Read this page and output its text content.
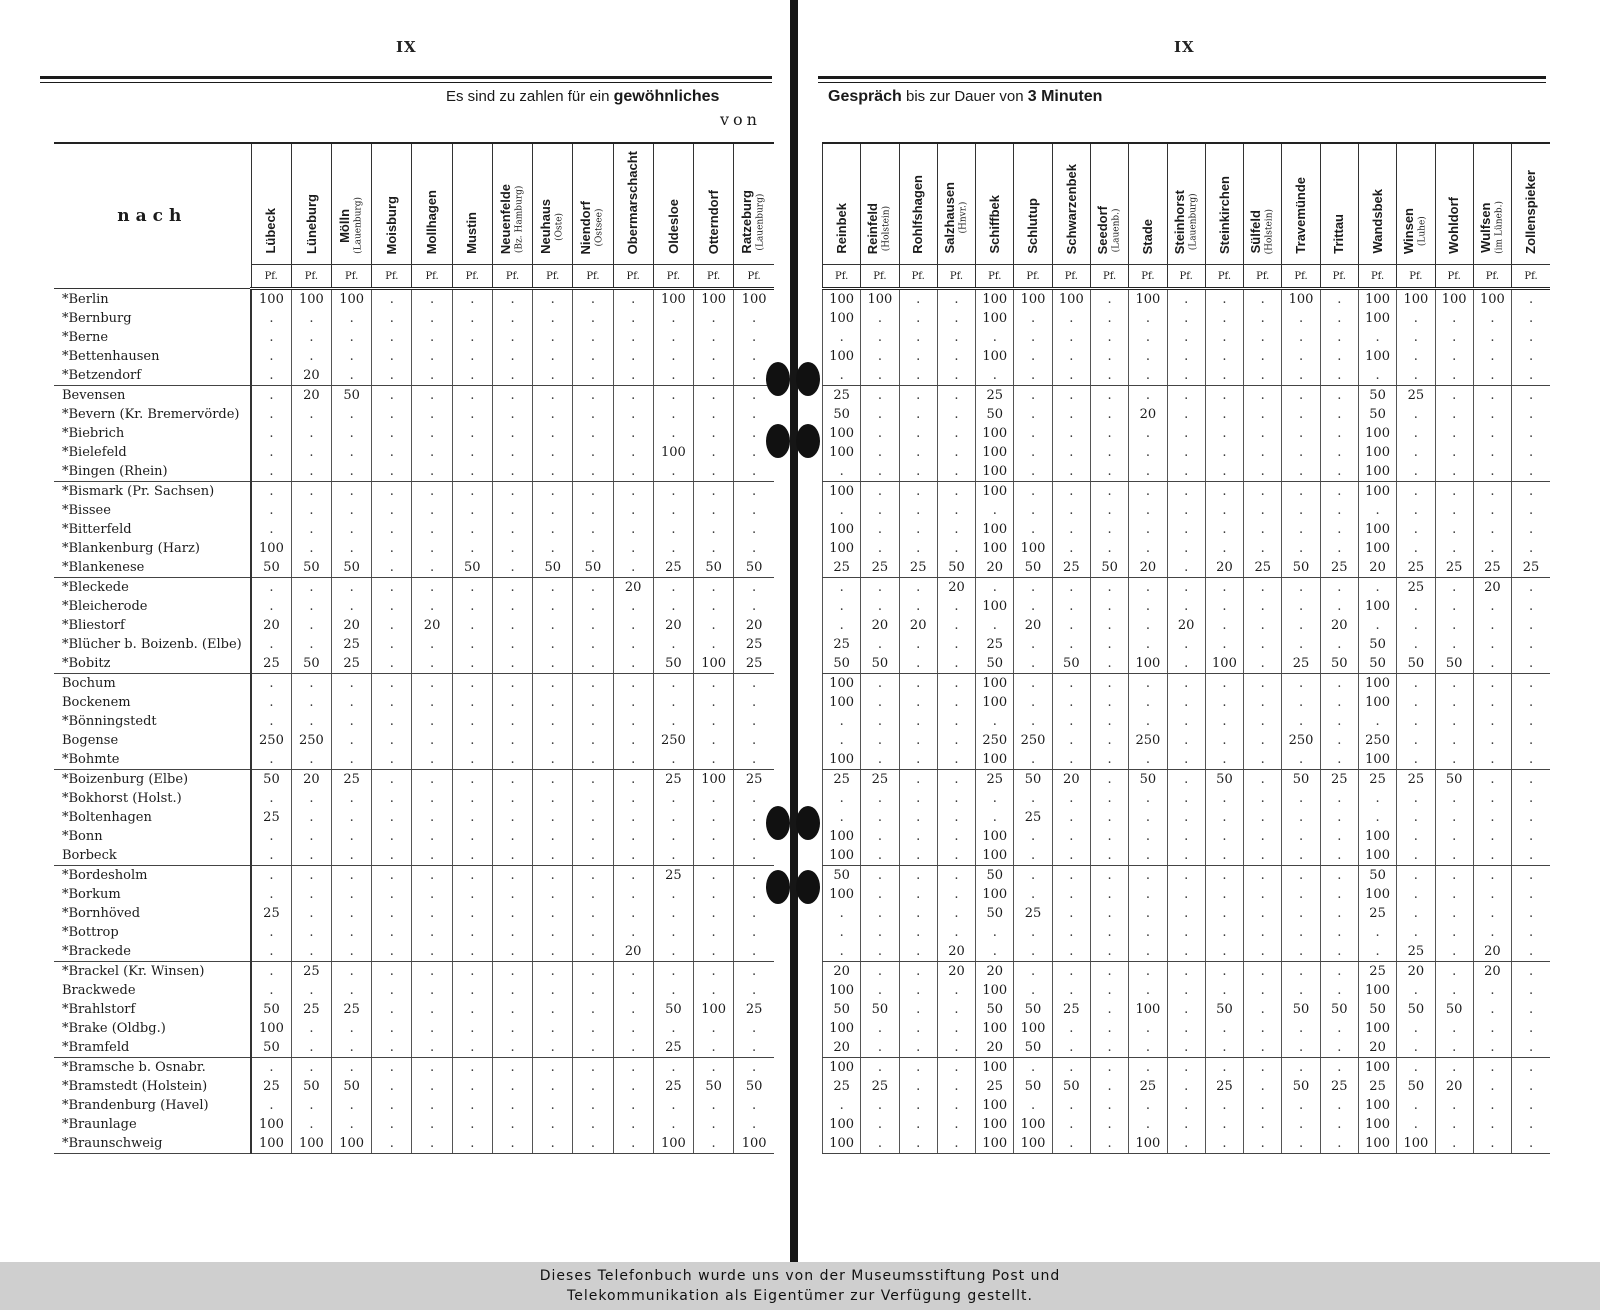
IX	IX
Es sind zu zahlen für ein gewöhnliches
von
Gespräch bis zur Dauer von 3 Minuten
nach	Lübeck	Lüneburg	Mölln (Lauenburg)	Moisburg	Mollhagen	Mustin	Neuenfelde (Bz. Hamburg)	Neuhaus (Oste)	Niendorf (Ostsee)	Obermarschacht	Oldesloe	Otterndorf	Ratzeburg (Lauenburg)
	Pf.	Pf.	Pf.	Pf.	Pf.	Pf.	Pf.	Pf.	Pf.	Pf.	Pf.	Pf.	Pf.
*Berlin	100	100	100	.	.	.	.	.	.	.	100	100	100
*Bernburg	.	.	.	.	.	.	.	.	.	.	.	.	.
*Berne	.	.	.	.	.	.	.	.	.	.	.	.	.
*Bettenhausen	.	.	.	.	.	.	.	.	.	.	.	.	.
*Betzendorf	.	20	.	.	.	.	.	.	.	.	.	.	.
Bevensen	.	20	50	.	.	.	.	.	.	.	.	.	.
*Bevern (Kr. Bremervörde)	.	.	.	.	.	.	.	.	.	.	.	.	.
*Biebrich	.	.	.	.	.	.	.	.	.	.	.	.	.
*Bielefeld	.	.	.	.	.	.	.	.	.	.	100	.	.
*Bingen (Rhein)	.	.	.	.	.	.	.	.	.	.	.	.	.
*Bismark (Pr. Sachsen)	.	.	.	.	.	.	.	.	.	.	.	.	.
*Bissee	.	.	.	.	.	.	.	.	.	.	.	.	.
*Bitterfeld	.	.	.	.	.	.	.	.	.	.	.	.	.
*Blankenburg (Harz)	100	.	.	.	.	.	.	.	.	.	.	.	.
*Blankenese	50	50	50	.	.	50	.	50	50	.	25	50	50
*Bleckede	.	.	.	.	.	.	.	.	.	20	.	.	.
*Bleicherode	.	.	.	.	.	.	.	.	.	.	.	.	.
*Bliestorf	20	.	20	.	20	.	.	.	.	.	20	.	20
*Blücher b. Boizenb. (Elbe)	.	.	25	.	.	.	.	.	.	.	.	.	25
*Bobitz	25	50	25	.	.	.	.	.	.	.	50	100	25
Bochum	.	.	.	.	.	.	.	.	.	.	.	.	.
Bockenem	.	.	.	.	.	.	.	.	.	.	.	.	.
*Bönningstedt	.	.	.	.	.	.	.	.	.	.	.	.	.
Bogense	250	250	.	.	.	.	.	.	.	.	250	.	.
*Bohmte	.	.	.	.	.	.	.	.	.	.	.	.	.
*Boizenburg (Elbe)	50	20	25	.	.	.	.	.	.	.	25	100	25
*Bokhorst (Holst.)	.	.	.	.	.	.	.	.	.	.	.	.	.
*Boltenhagen	25	.	.	.	.	.	.	.	.	.	.	.	.
*Bonn	.	.	.	.	.	.	.	.	.	.	.	.	.
Borbeck	.	.	.	.	.	.	.	.	.	.	.	.	.
*Bordesholm	.	.	.	.	.	.	.	.	.	.	25	.	.
*Borkum	.	.	.	.	.	.	.	.	.	.	.	.	.
*Bornhöved	25	.	.	.	.	.	.	.	.	.	.	.	.
*Bottrop	.	.	.	.	.	.	.	.	.	.	.	.	.
*Brackede	.	.	.	.	.	.	.	.	.	20	.	.	.
*Brackel (Kr. Winsen)	.	25	.	.	.	.	.	.	.	.	.	.	.
Brackwede	.	.	.	.	.	.	.	.	.	.	.	.	.
*Brahlstorf	50	25	25	.	.	.	.	.	.	.	50	100	25
*Brake (Oldbg.)	100	.	.	.	.	.	.	.	.	.	.	.	.
*Bramfeld	50	.	.	.	.	.	.	.	.	.	25	.	.
*Bramsche b. Osnabr.	.	.	.	.	.	.	.	.	.	.	.	.	.
*Bramstedt (Holstein)	25	50	50	.	.	.	.	.	.	.	25	50	50
*Brandenburg (Havel)	.	.	.	.	.	.	.	.	.	.	.	.	.
*Braunlage	100	.	.	.	.	.	.	.	.	.	.	.	.
*Braunschweig	100	100	100	.	.	.	.	.	.	.	100	.	100
Reinbek	Reinfeld (Holstein)	Rohlfshagen	Salzhausen (Hnvr.)	Schiffbek	Schlutup	Schwarzenbek	Seedorf (Lauenb.)	Stade	Steinhorst (Lauenburg)	Steinkirchen	Sülfeld (Holstein)	Travemünde	Trittau	Wandsbek	Winsen (Luhe)	Wohldorf	Wulfsen (im Lüneb.)	Zollenspieker
Pf.	Pf.	Pf.	Pf.	Pf.	Pf.	Pf.	Pf.	Pf.	Pf.	Pf.	Pf.	Pf.	Pf.	Pf.	Pf.	Pf.	Pf.	Pf.
100	100	.	.	100	100	100	.	100	.	.	.	100	.	100	100	100	100	.
100	.	.	.	100	.	.	.	.	.	.	.	.	.	100	.	.	.	.
.	.	.	.	.	.	.	.	.	.	.	.	.	.	.	.	.	.	.
100	.	.	.	100	.	.	.	.	.	.	.	.	.	100	.	.	.	.
.	.	.	.	.	.	.	.	.	.	.	.	.	.	.	.	.	.	.
25	.	.	.	25	.	.	.	.	.	.	.	.	.	50	25	.	.	.
50	.	.	.	50	.	.	.	20	.	.	.	.	.	50	.	.	.	.
100	.	.	.	100	.	.	.	.	.	.	.	.	.	100	.	.	.	.
100	.	.	.	100	.	.	.	.	.	.	.	.	.	100	.	.	.	.
.	.	.	.	100	.	.	.	.	.	.	.	.	.	100	.	.	.	.
100	.	.	.	100	.	.	.	.	.	.	.	.	.	100	.	.	.	.
.	.	.	.	.	.	.	.	.	.	.	.	.	.	.	.	.	.	.
100	.	.	.	100	.	.	.	.	.	.	.	.	.	100	.	.	.	.
100	.	.	.	100	100	.	.	.	.	.	.	.	.	100	.	.	.	.
25	25	25	50	20	50	25	50	20	.	20	25	50	25	20	25	25	25	25
.	.	.	20	.	.	.	.	.	.	.	.	.	.	.	25	.	20	.
.	.	.	.	100	.	.	.	.	.	.	.	.	.	100	.	.	.	.
.	20	20	.	.	20	.	.	.	20	.	.	.	20	.	.	.	.	.
25	.	.	.	25	.	.	.	.	.	.	.	.	.	50	.	.	.	.
50	50	.	.	50	.	50	.	100	.	100	.	25	50	50	50	50	.	.
100	.	.	.	100	.	.	.	.	.	.	.	.	.	100	.	.	.	.
100	.	.	.	100	.	.	.	.	.	.	.	.	.	100	.	.	.	.
.	.	.	.	.	.	.	.	.	.	.	.	.	.	.	.	.	.	.
.	.	.	.	250	250	.	.	250	.	.	.	250	.	250	.	.	.	.
100	.	.	.	100	.	.	.	.	.	.	.	.	.	100	.	.	.	.
25	25	.	.	25	50	20	.	50	.	50	.	50	25	25	25	50	.	.
.	.	.	.	.	.	.	.	.	.	.	.	.	.	.	.	.	.	.
.	.	.	.	.	25	.	.	.	.	.	.	.	.	.	.	.	.	.
100	.	.	.	100	.	.	.	.	.	.	.	.	.	100	.	.	.	.
100	.	.	.	100	.	.	.	.	.	.	.	.	.	100	.	.	.	.
50	.	.	.	50	.	.	.	.	.	.	.	.	.	50	.	.	.	.
100	.	.	.	100	.	.	.	.	.	.	.	.	.	100	.	.	.	.
.	.	.	.	50	25	.	.	.	.	.	.	.	.	25	.	.	.	.
.	.	.	.	.	.	.	.	.	.	.	.	.	.	.	.	.	.	.
.	.	.	20	.	.	.	.	.	.	.	.	.	.	.	25	.	20	.
20	.	.	20	20	.	.	.	.	.	.	.	.	.	25	20	.	20	.
100	.	.	.	100	.	.	.	.	.	.	.	.	.	100	.	.	.	.
50	50	.	.	50	50	25	.	100	.	50	.	50	50	50	50	50	.	.
100	.	.	.	100	100	.	.	.	.	.	.	.	.	100	.	.	.	.
20	.	.	.	20	50	.	.	.	.	.	.	.	.	20	.	.	.	.
100	.	.	.	100	.	.	.	.	.	.	.	.	.	100	.	.	.	.
25	25	.	.	25	50	50	.	25	.	25	.	50	25	25	50	20	.	.
.	.	.	.	100	.	.	.	.	.	.	.	.	.	100	.	.	.	.
100	.	.	.	100	100	.	.	.	.	.	.	.	.	100	.	.	.	.
100	.	.	.	100	100	.	.	100	.	.	.	.	.	100	100	.	.	.
Dieses Telefonbuch wurde uns von der Museumsstiftung Post und
Telekommunikation als Eigentümer zur Verfügung gestellt.
